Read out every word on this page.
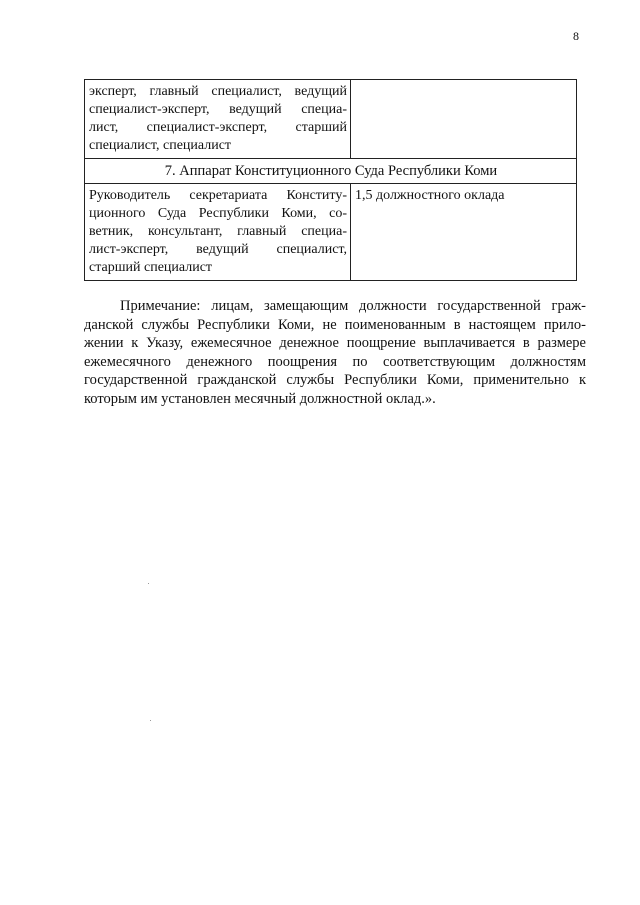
8
эксперт, главный специалист, ведущий
специалист-эксперт, ведущий специа-
лист, специалист-эксперт, старший
специалист, специалист	

7. Аппарат Конституционного Суда Республики Коми	

Руководитель секретариата Конститу-
ционного Суда Республики Коми, со-
ветник, консультант, главный специа-
лист-эксперт, ведущий специалист,
старший специалист	1,5 должностного оклада
Примечание: лицам, замещающим должности государственной граж-
данской службы Республики Коми, не поименованным в настоящем прило-
жении к Указу, ежемесячное денежное поощрение выплачивается в размере
ежемесячного денежного поощрения по соответствующим должностям
государственной гражданской службы Республики Коми, применительно к
которым им установлен месячный должностной оклад.».
